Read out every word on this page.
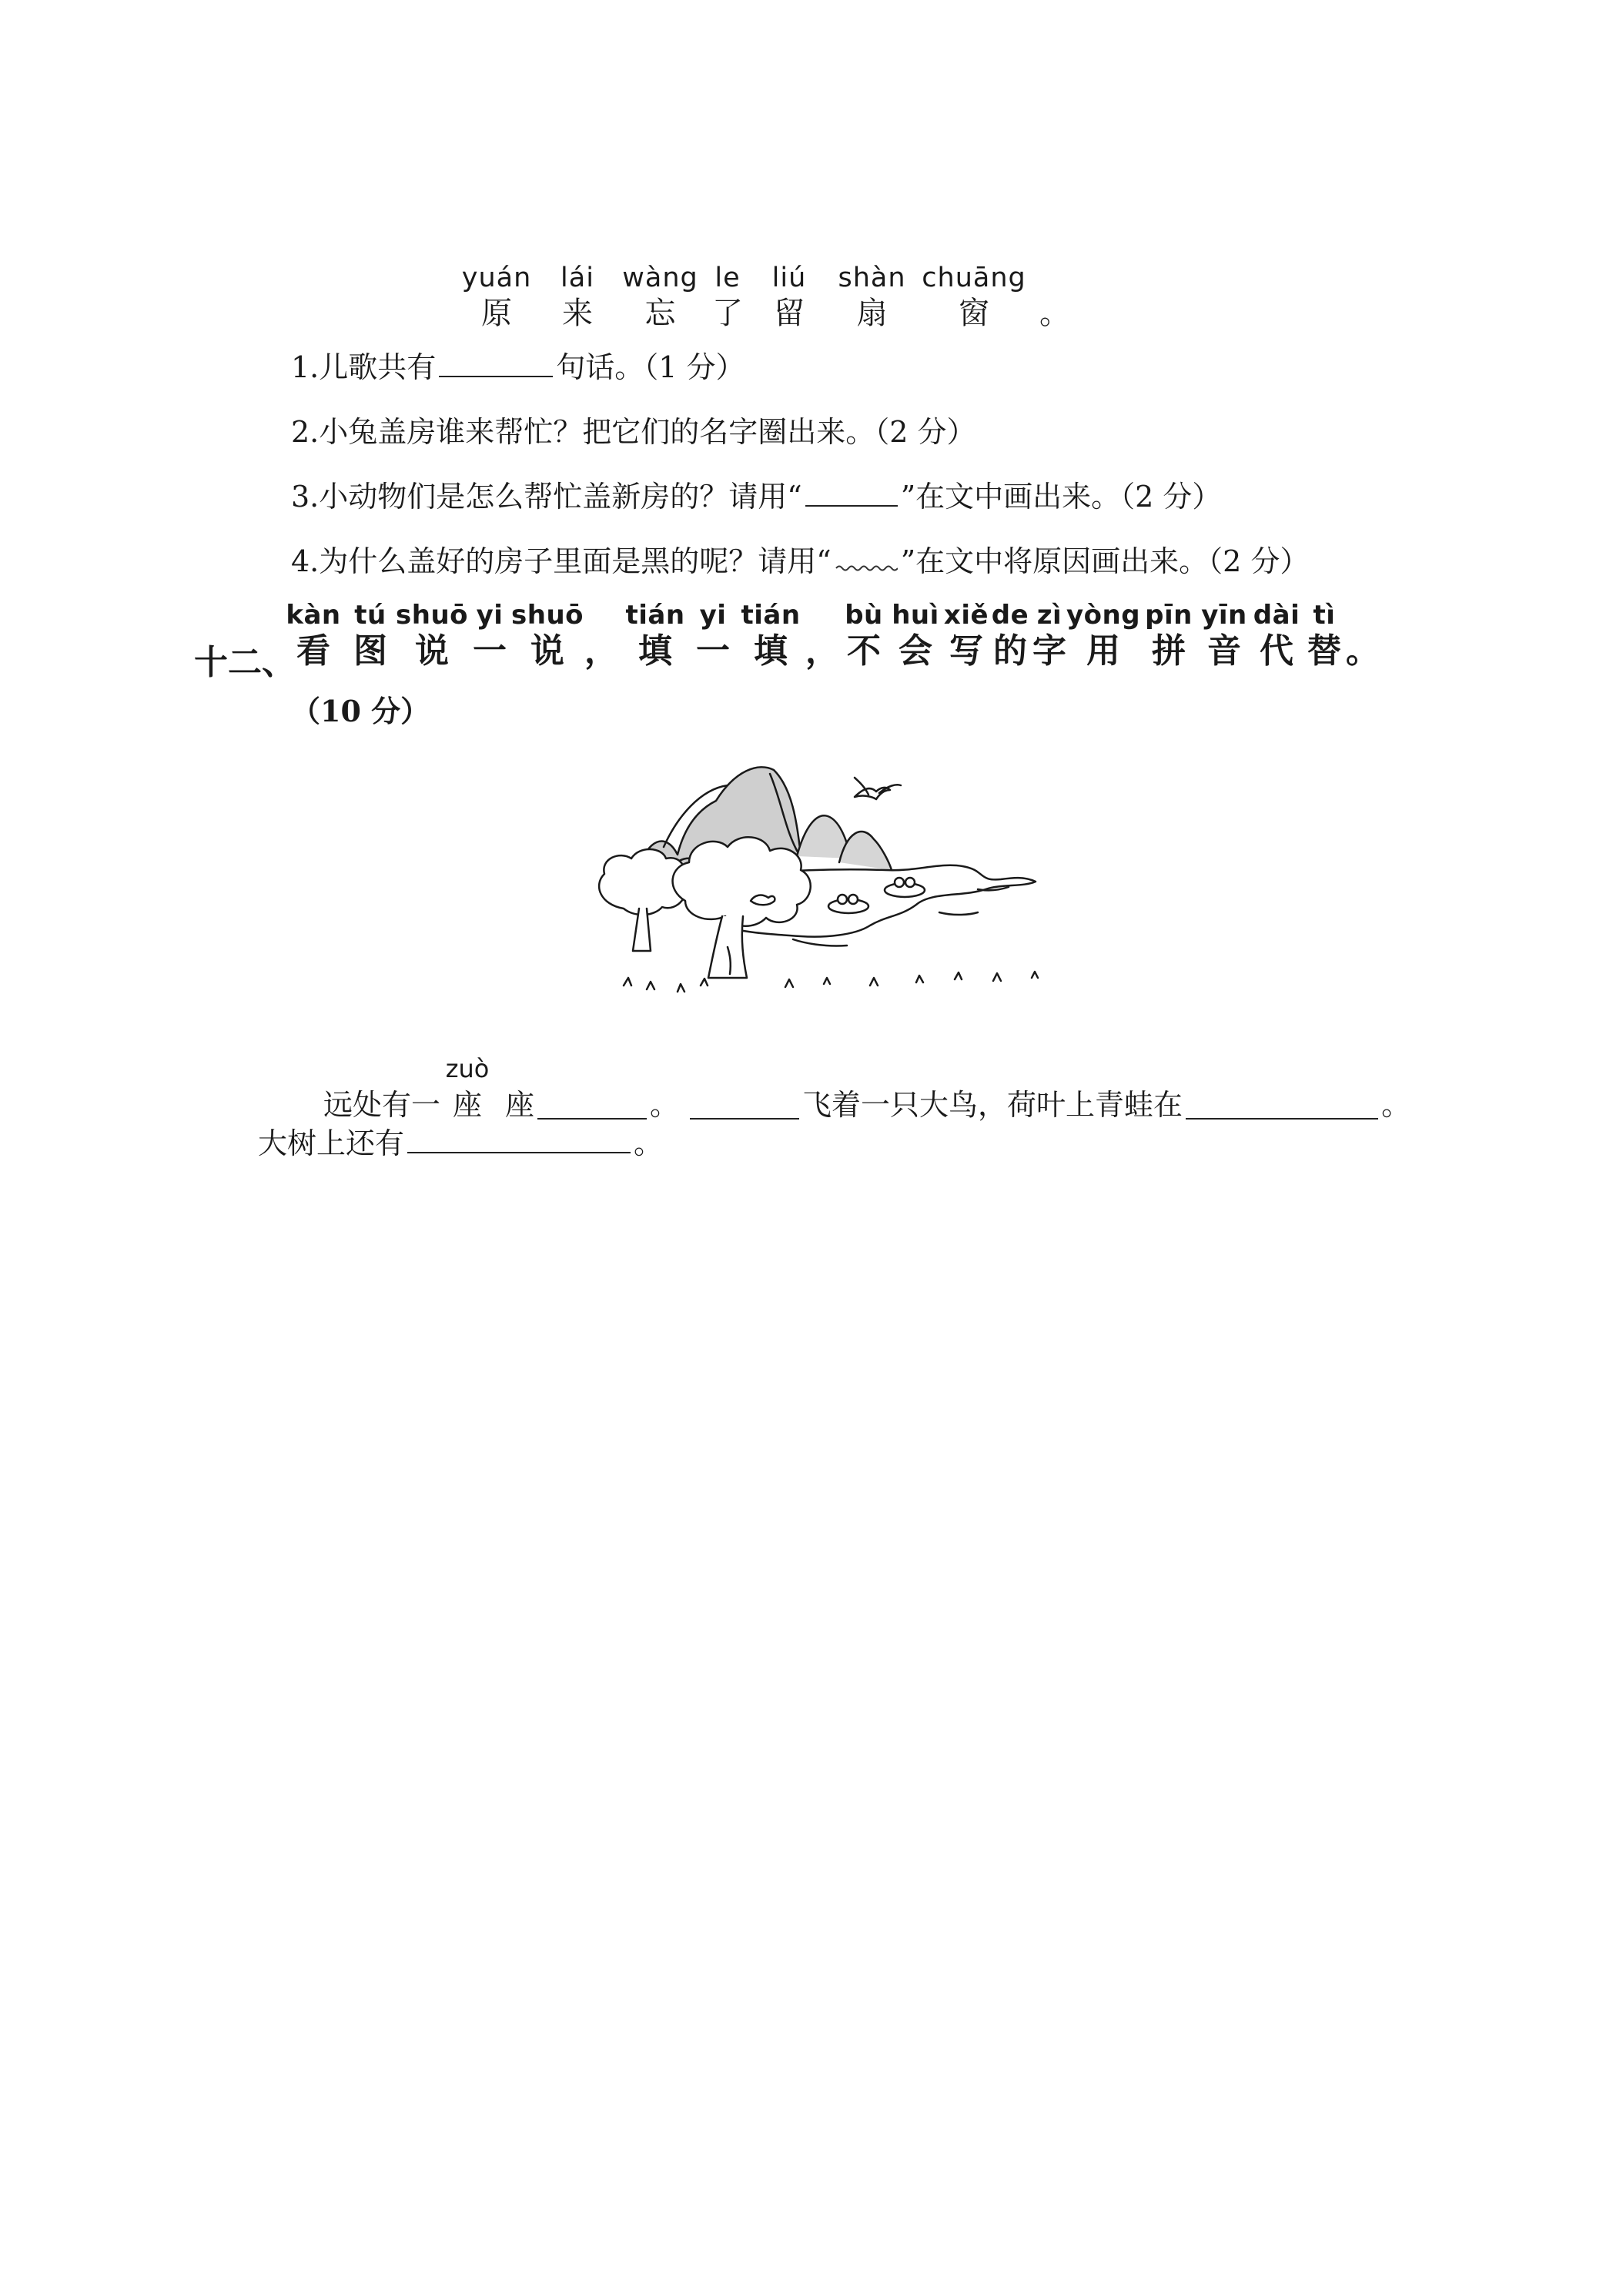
yuán
原
lái
来
wàng
忘
le
了
liú
留
shàn
扇
chuāng
窗 。
1.儿歌共有	句话。（1 分）
2.小兔盖房谁来帮忙？把它们的名字圈出来。（2 分）
3.小动物们是怎么帮忙盖新房的？请用“	”在文中画出来。（2 分）
4.为什么盖好的房子里面是黑的呢？请用“ ”在文中将原因画出来。（2 分）
十二、
kàn
看
tú
图
shuō
说
yi
一
shuō
说 ，
tián
填
yi
一
tián
填 ，
bù
不
huì
会
xiě
写
de
的
zì
字
yòng
用
pīn
拼
yīn
音
dài
代
tì
替 。
（10 分）
远处有一
zuò
座 座	。	飞着一只大鸟，荷叶上青蛙在	。
大树上还有	。
